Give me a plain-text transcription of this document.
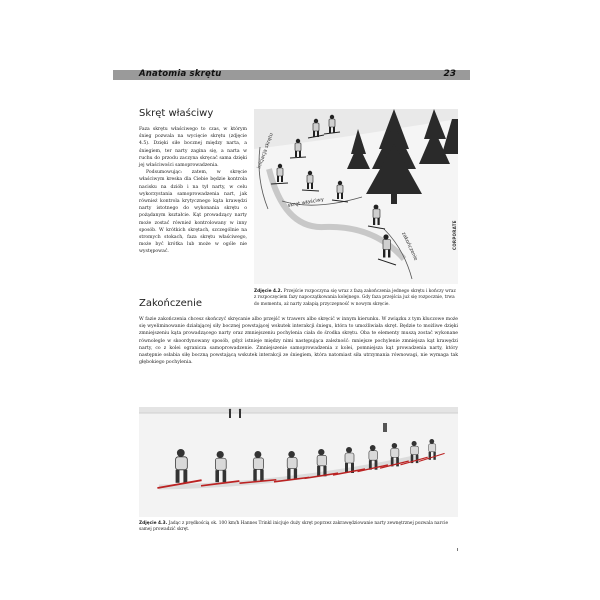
Anatomia skrętu	23
Skręt właściwy

Faza skrętu właściwego to czas, w którym śnieg pozwala na wycięcie skrętu (zdjęcie 4.5). Dzięki siłe bocznej między narta, a śniegiem, ter narty zagina się, a narta w ruchu do przodu zaczyna skręcać sama dzięki jej właściwości samoprowadzenia.

Podsumowując: zatem, w skręcie właściwym kreska dla Ciebie będzie kontrola nacisku na dziób i na tył narty, w celu wykorzystania samoprowadzenia nart, jak również kontrola krytycznego kąta krawędzi narty istotnego do wykonania skrętu o pożądanym kształcie. Kąt prowadzący narty może zostać również kontrolowany w inny sposób. W krótkich skrętach, szczególnie na stromych stokach, faza skrętu właściwego, może być krótka lub może w ogóle nie występować.

inicjacja skrętu
skręt właściwy
zakończenie	CORPORATE

Zdjęcie 4.2. Przejście rozpoczyna się wraz z fazą zakończenia jednego skrętu i kończy wraz z rozpoczęciem fazy napoczątkowania kolejnego. Gdy faza przejścia już się rozpocznie, trwa do momentu, aż narty załapią przyczepność w nowym skręcie.

Zakończenie

W fazie zakończenia chcesz skończyć skręcanie albo przejść w trawers albo skręcić w innym kierunku. W związku z tym kluczowe może się wyeliminowanie działającej siły bocznej powstającej wskutek interakcji śniegu, która to umożliwiała skręt. Będzie to możliwe dzięki zmniejszeniu kąta prowadzącego narty oraz zmniejszeniu pochylenia ciała do środka skrętu. Oba te elementy muszą zostać wykonane równolegle w skoordynowany sposób, gdyż istnieje między nimi następująca zależność: mniejsze pochylenie zmniejsza kąt krawędzi narty, co z kolei ogranicza samoprowadzenie. Zmniejszenie samoprowadzenia z kolei, pomniejsza kąt prowadzenia narty, który następnie osłabia siłę boczną powstającą wskutek interakcji ze śniegiem, która natomiast siła utrzymania równowagi, nie wymaga tak głębokiego pochylenia.

Zdjęcie 4.3. Jadąc z prędkością ok. 100 km/h Hannes Trinkl inicjuje duży skręt poprzez zakrawędziowanie narty zewnętrznej pozwala narcie samej prowadzić skręt.
